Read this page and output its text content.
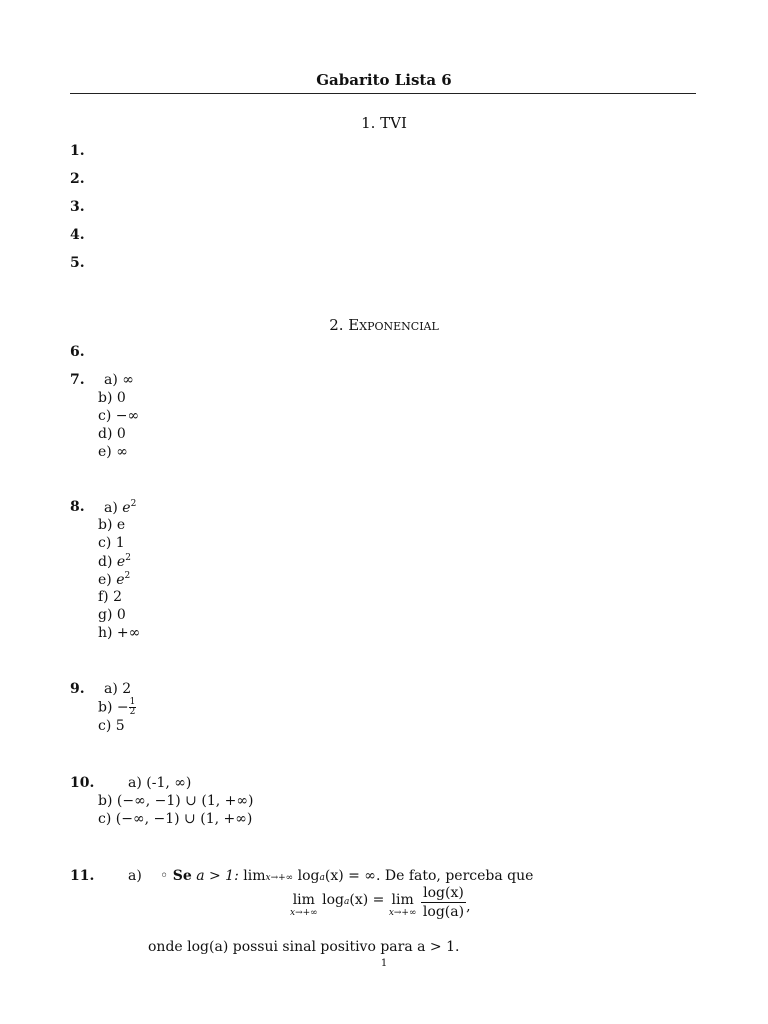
Gabarito Lista 6
1. TVI
1.
2.
3.
4.
5.
2. Exponencial
6.
7. a) ∞
b) 0
c) −∞
d) 0
e) ∞
8. a) $e^2$
b) e
c) 1
d) $e^2$
e) $e^2$
f) 2
g) 0
h) +∞
9. a) 2
$b) - \frac{1}{2}$
c) 5
10. a) (-1, ∞)
b) (−∞, −1) ∪ (1, +∞)
c) (−∞, −1) ∪ (1, +∞)
11. a) ◦ Se a > 1: limx→+∞ loga(x) = ∞. De fato, perceba que
lim
x→+∞
loga(x) = lim
x→+∞
$\frac{\log(x)}{\log(a)}$ ,
onde log(a) possui sinal positivo para a > 1.
1
